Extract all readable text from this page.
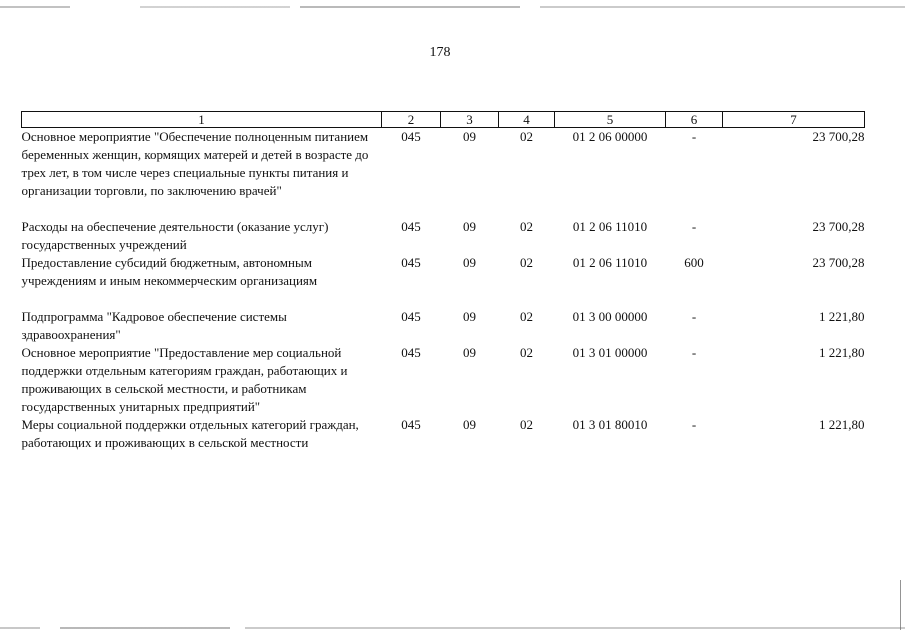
178
1	2	3	4	5	6	7
Основное мероприятие "Обеспечение полноценным питанием беременных женщин, кормящих матерей и детей в возрасте до трех лет, в том числе через специальные пункты питания и организации торговли, по заключению врачей"	045	09	02	01 2 06 00000	-	23 700,28

Расходы на обеспечение деятельности (оказание услуг) государственных учреждений	045	09	02	01 2 06 11010	-	23 700,28
Предоставление субсидий бюджетным, автономным учреждениям и иным некоммерческим организациям	045	09	02	01 2 06 11010	600	23 700,28

Подпрограмма "Кадровое обеспечение системы здравоохранения"	045	09	02	01 3 00 00000	-	1 221,80
Основное мероприятие "Предоставление мер социальной поддержки отдельным категориям граждан, работающих и проживающих в сельской местности, и работникам государственных унитарных предприятий"	045	09	02	01 3 01 00000	-	1 221,80
Меры социальной поддержки отдельных категорий граждан, работающих и проживающих в сельской местности	045	09	02	01 3 01 80010	-	1 221,80
